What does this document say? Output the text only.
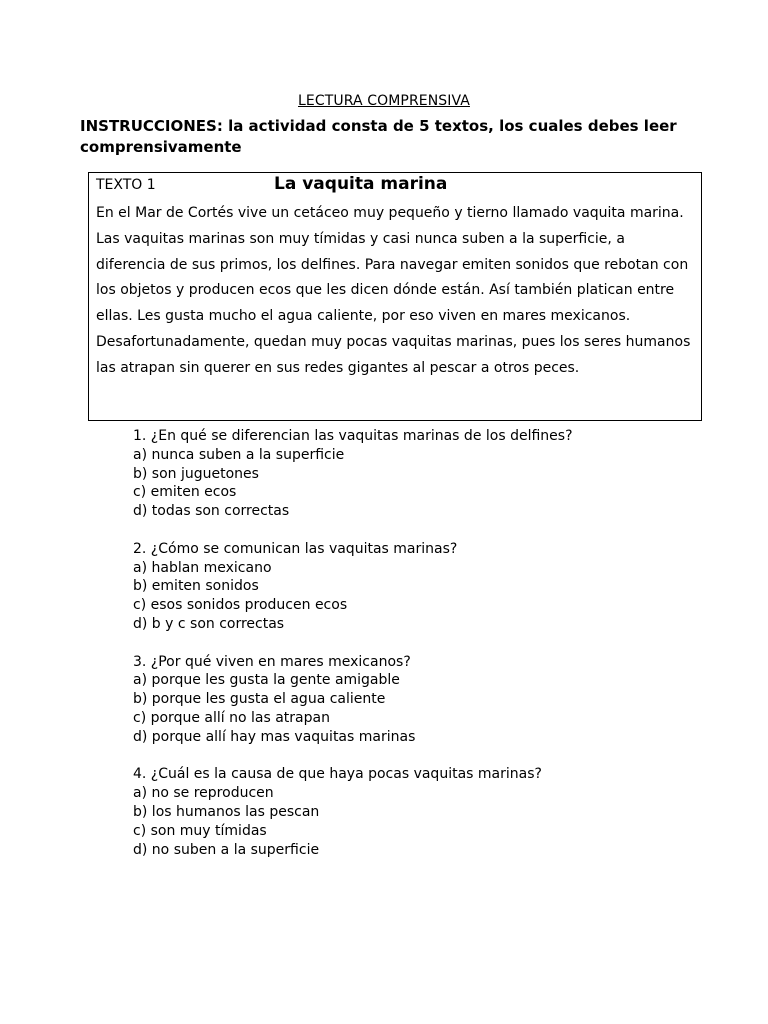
LECTURA COMPRENSIVA
INSTRUCCIONES: la actividad consta de 5 textos, los cuales debes leer comprensivamente
TEXTO 1	La vaquita marina
En el Mar de Cortés vive un cetáceo muy pequeño y tierno llamado vaquita marina. Las vaquitas marinas son muy tímidas y casi nunca suben a la superficie, a diferencia de sus primos, los delfines. Para navegar emiten sonidos que rebotan con los objetos y producen ecos que les dicen dónde están. Así también platican entre ellas. Les gusta mucho el agua caliente, por eso viven en mares mexicanos. Desafortunadamente, quedan muy pocas vaquitas marinas, pues los seres humanos las atrapan sin querer en sus redes gigantes al pescar a otros peces.
1. ¿En qué se diferencian las vaquitas marinas de los delfines?
a) nunca suben a la superficie
b) son juguetones
c) emiten ecos
d) todas son correctas
2. ¿Cómo se comunican las vaquitas marinas?
a) hablan mexicano
b) emiten sonidos
c) esos sonidos producen ecos
d) b y c son correctas
3. ¿Por qué viven en mares mexicanos?
a) porque les gusta la gente amigable
b) porque les gusta el agua caliente
c) porque allí no las atrapan
d) porque allí hay mas vaquitas marinas
4. ¿Cuál es la causa de que haya pocas vaquitas marinas?
a) no se reproducen
b) los humanos las pescan
c) son muy tímidas
d) no suben a la superficie
